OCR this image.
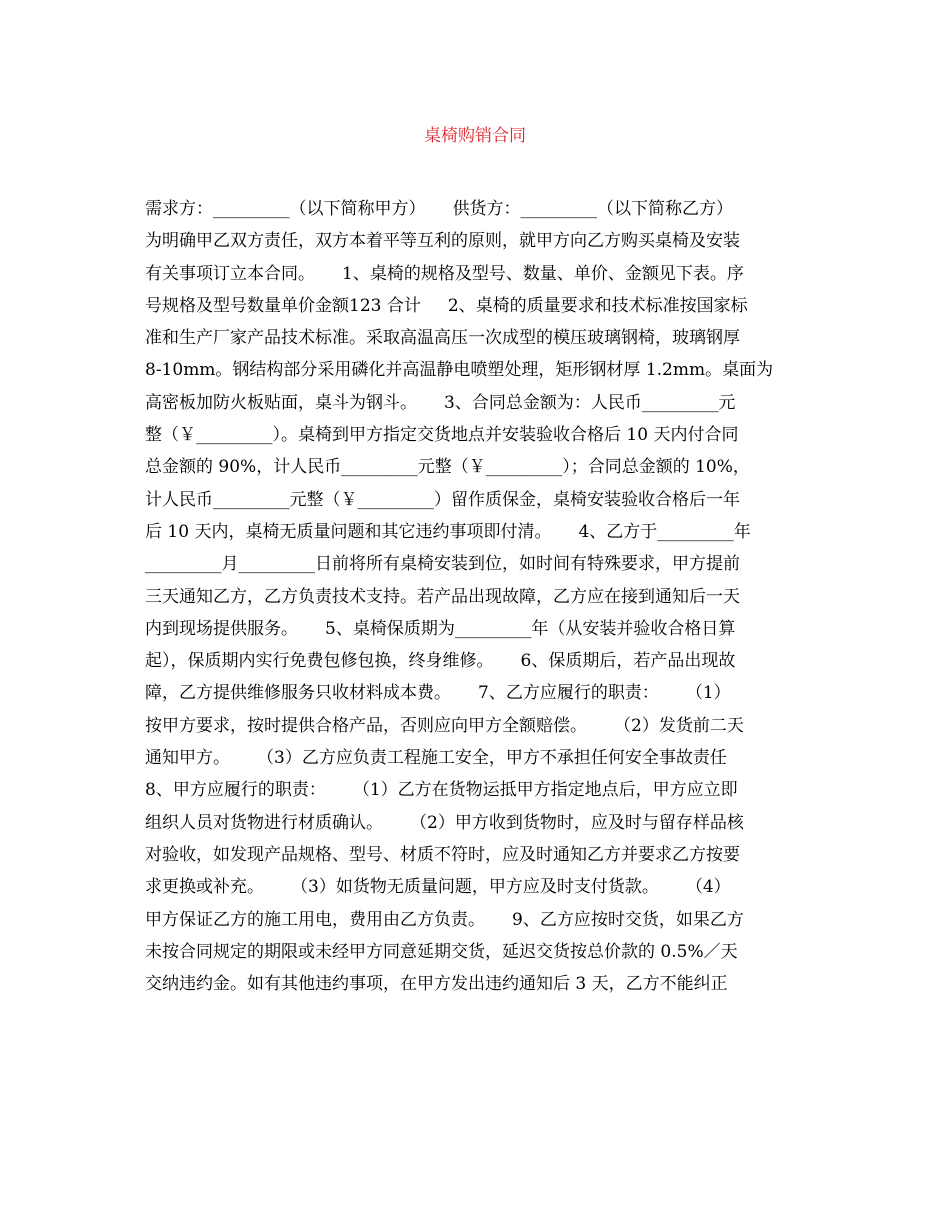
桌椅购销合同
需求方：_________（以下简称甲方）     供货方：_________（以下简称乙方）
为明确甲乙双方责任，双方本着平等互利的原则，就甲方向乙方购买桌椅及安装
有关事项订立本合同。     1、桌椅的规格及型号、数量、单价、金额见下表。序
号规格及型号数量单价金额123 合计     2、桌椅的质量要求和技术标准按国家标
准和生产厂家产品技术标准。采取高温高压一次成型的模压玻璃钢椅，玻璃钢厚
8-10mm。钢结构部分采用磷化并高温静电喷塑处理，矩形钢材厚 1.2mm。桌面为
高密板加防火板贴面，桌斗为钢斗。     3、合同总金额为：人民币_________元
整（￥_________）。桌椅到甲方指定交货地点并安装验收合格后 10 天内付合同
总金额的 90%，计人民币_________元整（￥_________）；合同总金额的 10%，
计人民币_________元整（￥_________）留作质保金，桌椅安装验收合格后一年
后 10 天内，桌椅无质量问题和其它违约事项即付清。     4、乙方于_________年
_________月_________日前将所有桌椅安装到位，如时间有特殊要求，甲方提前
三天通知乙方，乙方负责技术支持。若产品出现故障，乙方应在接到通知后一天
内到现场提供服务。     5、桌椅保质期为_________年（从安装并验收合格日算
起），保质期内实行免费包修包换，终身维修。     6、保质期后，若产品出现故
障，乙方提供维修服务只收材料成本费。     7、乙方应履行的职责：     （1）
按甲方要求，按时提供合格产品，否则应向甲方全额赔偿。     （2）发货前二天
通知甲方。     （3）乙方应负责工程施工安全，甲方不承担任何安全事故责任
8、甲方应履行的职责：     （1）乙方在货物运抵甲方指定地点后，甲方应立即
组织人员对货物进行材质确认。     （2）甲方收到货物时，应及时与留存样品核
对验收，如发现产品规格、型号、材质不符时，应及时通知乙方并要求乙方按要
求更换或补充。     （3）如货物无质量问题，甲方应及时支付货款。     （4）
甲方保证乙方的施工用电，费用由乙方负责。     9、乙方应按时交货，如果乙方
未按合同规定的期限或未经甲方同意延期交货，延迟交货按总价款的 0.5%／天
交纳违约金。如有其他违约事项，在甲方发出违约通知后 3 天，乙方不能纠正
